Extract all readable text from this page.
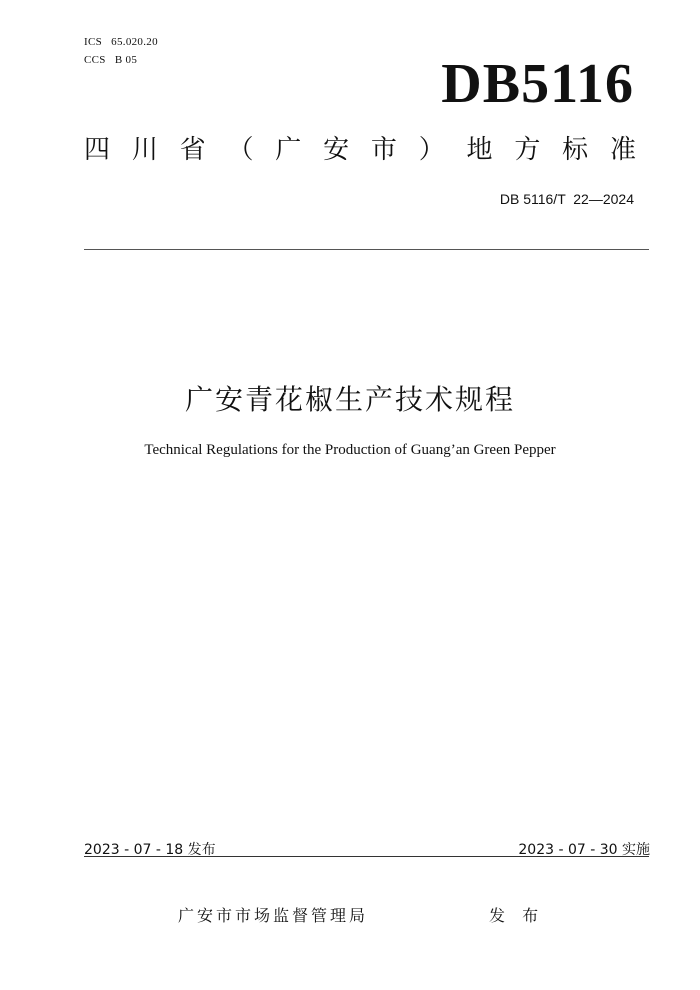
ICS   65.020.20
CCS   B 05	DB5116
四 川 省 （ 广 安 市 ） 地 方 标 准
DB 5116/T  22—2024
广安青花椒生产技术规程
Technical Regulations for the Production of Guang’an Green Pepper
2023 - 07 - 18 发布	2023 - 07 - 30 实施
广安市市场监督管理局	发 布
